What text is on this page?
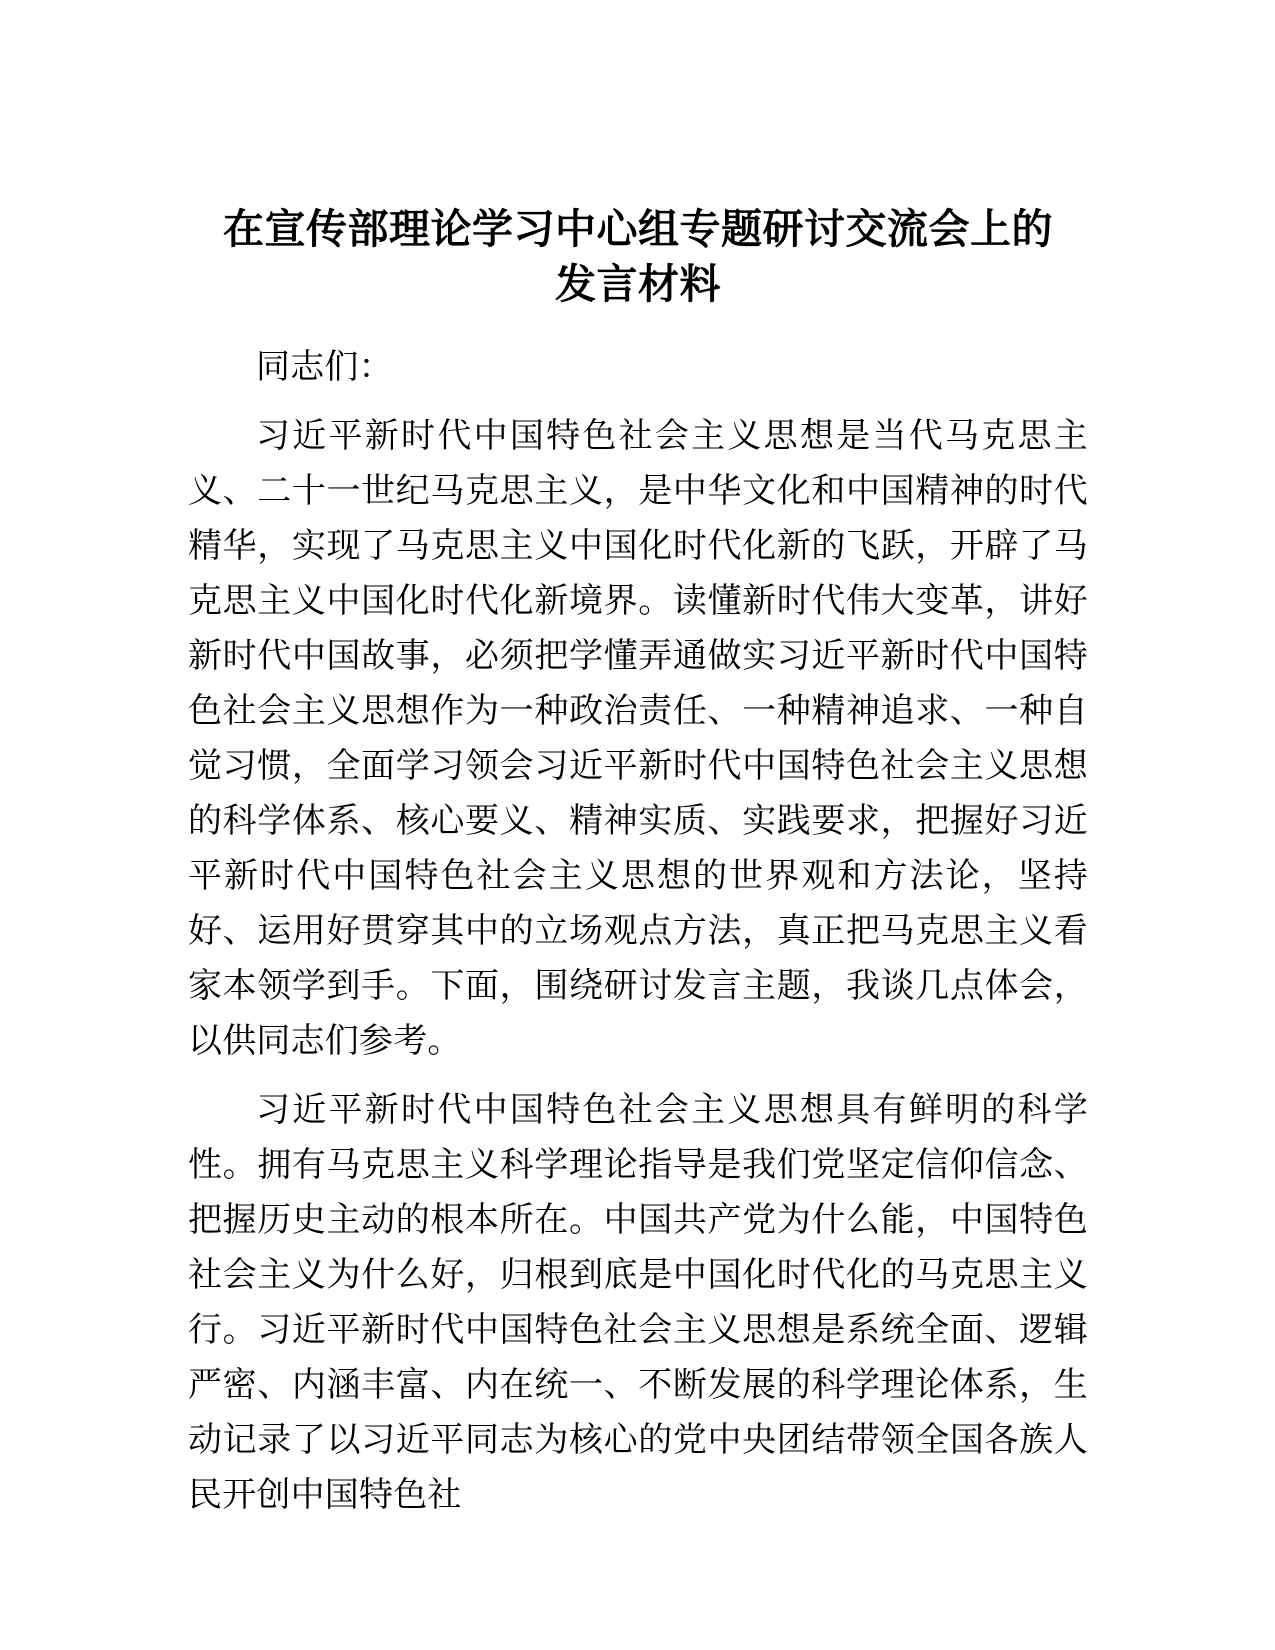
在宣传部理论学习中心组专题研讨交流会上的
发言材料

同志们：

习近平新时代中国特色社会主义思想是当代马克思主义、二十一世纪马克思主义，是中华文化和中国精神的时代精华，实现了马克思主义中国化时代化新的飞跃，开辟了马克思主义中国化时代化新境界。读懂新时代伟大变革，讲好新时代中国故事，必须把学懂弄通做实习近平新时代中国特色社会主义思想作为一种政治责任、一种精神追求、一种自觉习惯，全面学习领会习近平新时代中国特色社会主义思想的科学体系、核心要义、精神实质、实践要求，把握好习近平新时代中国特色社会主义思想的世界观和方法论，坚持好、运用好贯穿其中的立场观点方法，真正把马克思主义看家本领学到手。下面，围绕研讨发言主题，我谈几点体会，以供同志们参考。

习近平新时代中国特色社会主义思想具有鲜明的科学性。拥有马克思主义科学理论指导是我们党坚定信仰信念、把握历史主动的根本所在。中国共产党为什么能，中国特色社会主义为什么好，归根到底是中国化时代化的马克思主义行。习近平新时代中国特色社会主义思想是系统全面、逻辑严密、内涵丰富、内在统一、不断发展的科学理论体系，生动记录了以习近平同志为核心的党中央团结带领全国各族人民开创中国特色社
